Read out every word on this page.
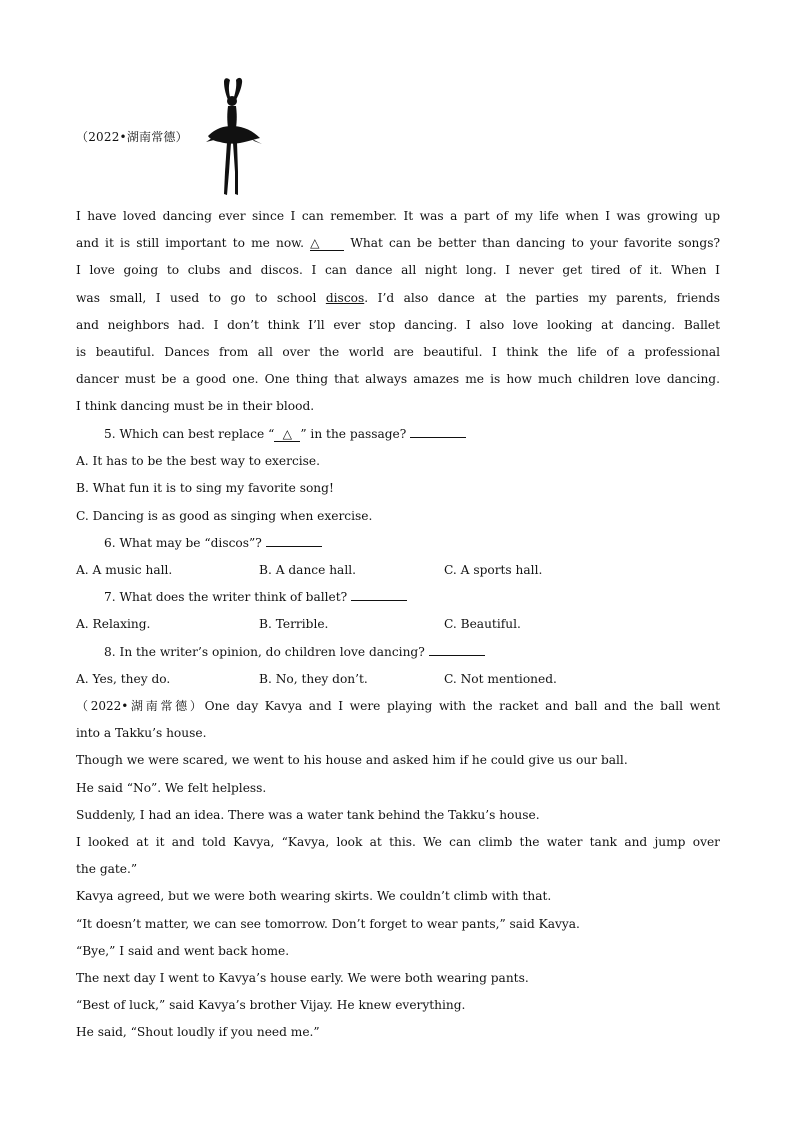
（2022•湖南常德）
I have loved dancing ever since I can remember. It was a part of my life when I was growing up
and it is still important to me now. △	What can be better than dancing to your favorite songs?
I love going to clubs and discos. I can dance all night long. I never get tired of it. When I
was small, I used to go to school discos. I’d also dance at the parties my parents, friends
and neighbors had. I don’t think I’ll ever stop dancing. I also love looking at dancing. Ballet
is beautiful. Dances from all over the world are beautiful. I think the life of a professional
dancer must be a good one. One thing that always amazes me is how much children love dancing.
I think dancing must be in their blood.
5. Which can best replace “ △ ” in the passage?
A. It has to be the best way to exercise.
B. What fun it is to sing my favorite song!
C. Dancing is as good as singing when exercise.
6. What may be “discos”?
A. A music hall.	B. A dance hall.	C. A sports hall.
7. What does the writer think of ballet?
A. Relaxing.	B. Terrible.	C. Beautiful.
8. In the writer’s opinion, do children love dancing?
A. Yes, they do.	B. No, they don’t.	C. Not mentioned.
（2022•湖南常德）One day Kavya and I were playing with the racket and ball and the ball went
into a Takku’s house.
Though we were scared, we went to his house and asked him if he could give us our ball.
He said “No”. We felt helpless.
Suddenly, I had an idea. There was a water tank behind the Takku’s house.
I looked at it and told Kavya, “Kavya, look at this. We can climb the water tank and jump over
the gate.”
Kavya agreed, but we were both wearing skirts. We couldn’t climb with that.
“It doesn’t matter, we can see tomorrow. Don’t forget to wear pants,” said Kavya.
“Bye,” I said and went back home.
The next day I went to Kavya’s house early. We were both wearing pants.
“Best of luck,” said Kavya’s brother Vijay. He knew everything.
He said, “Shout loudly if you need me.”
